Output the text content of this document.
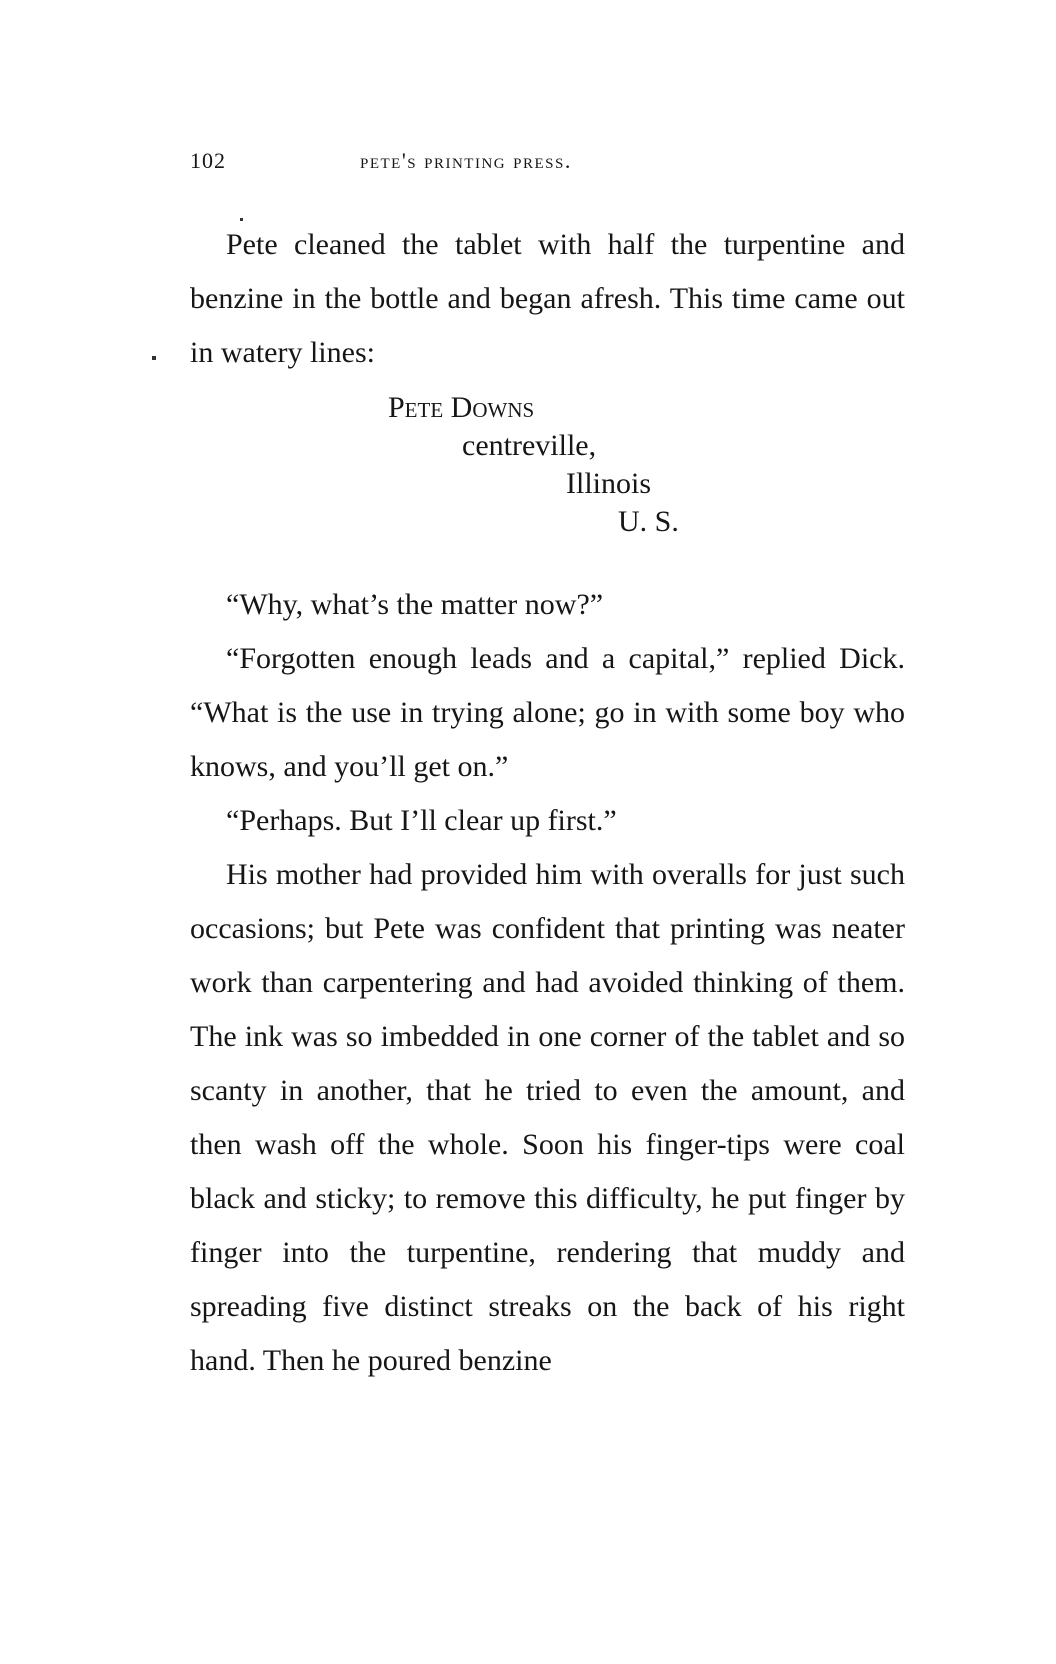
102	pete's printing press.
Pete cleaned the tablet with half the turpentine and benzine in the bottle and began afresh. This time came out in watery lines:
Pete Downs
centreville,
Illinois
U. S.
“Why, what’s the matter now?”
“Forgotten enough leads and a capital,” replied Dick. “What is the use in trying alone; go in with some boy who knows, and you’ll get on.”
“Perhaps. But I’ll clear up first.”
His mother had provided him with overalls for just such occasions; but Pete was confident that printing was neater work than carpentering and had avoided thinking of them. The ink was so imbedded in one corner of the tablet and so scanty in another, that he tried to even the amount, and then wash off the whole. Soon his finger-tips were coal black and sticky; to remove this difficulty, he put finger by finger into the turpentine, rendering that muddy and spreading five distinct streaks on the back of his right hand. Then he poured benzine
